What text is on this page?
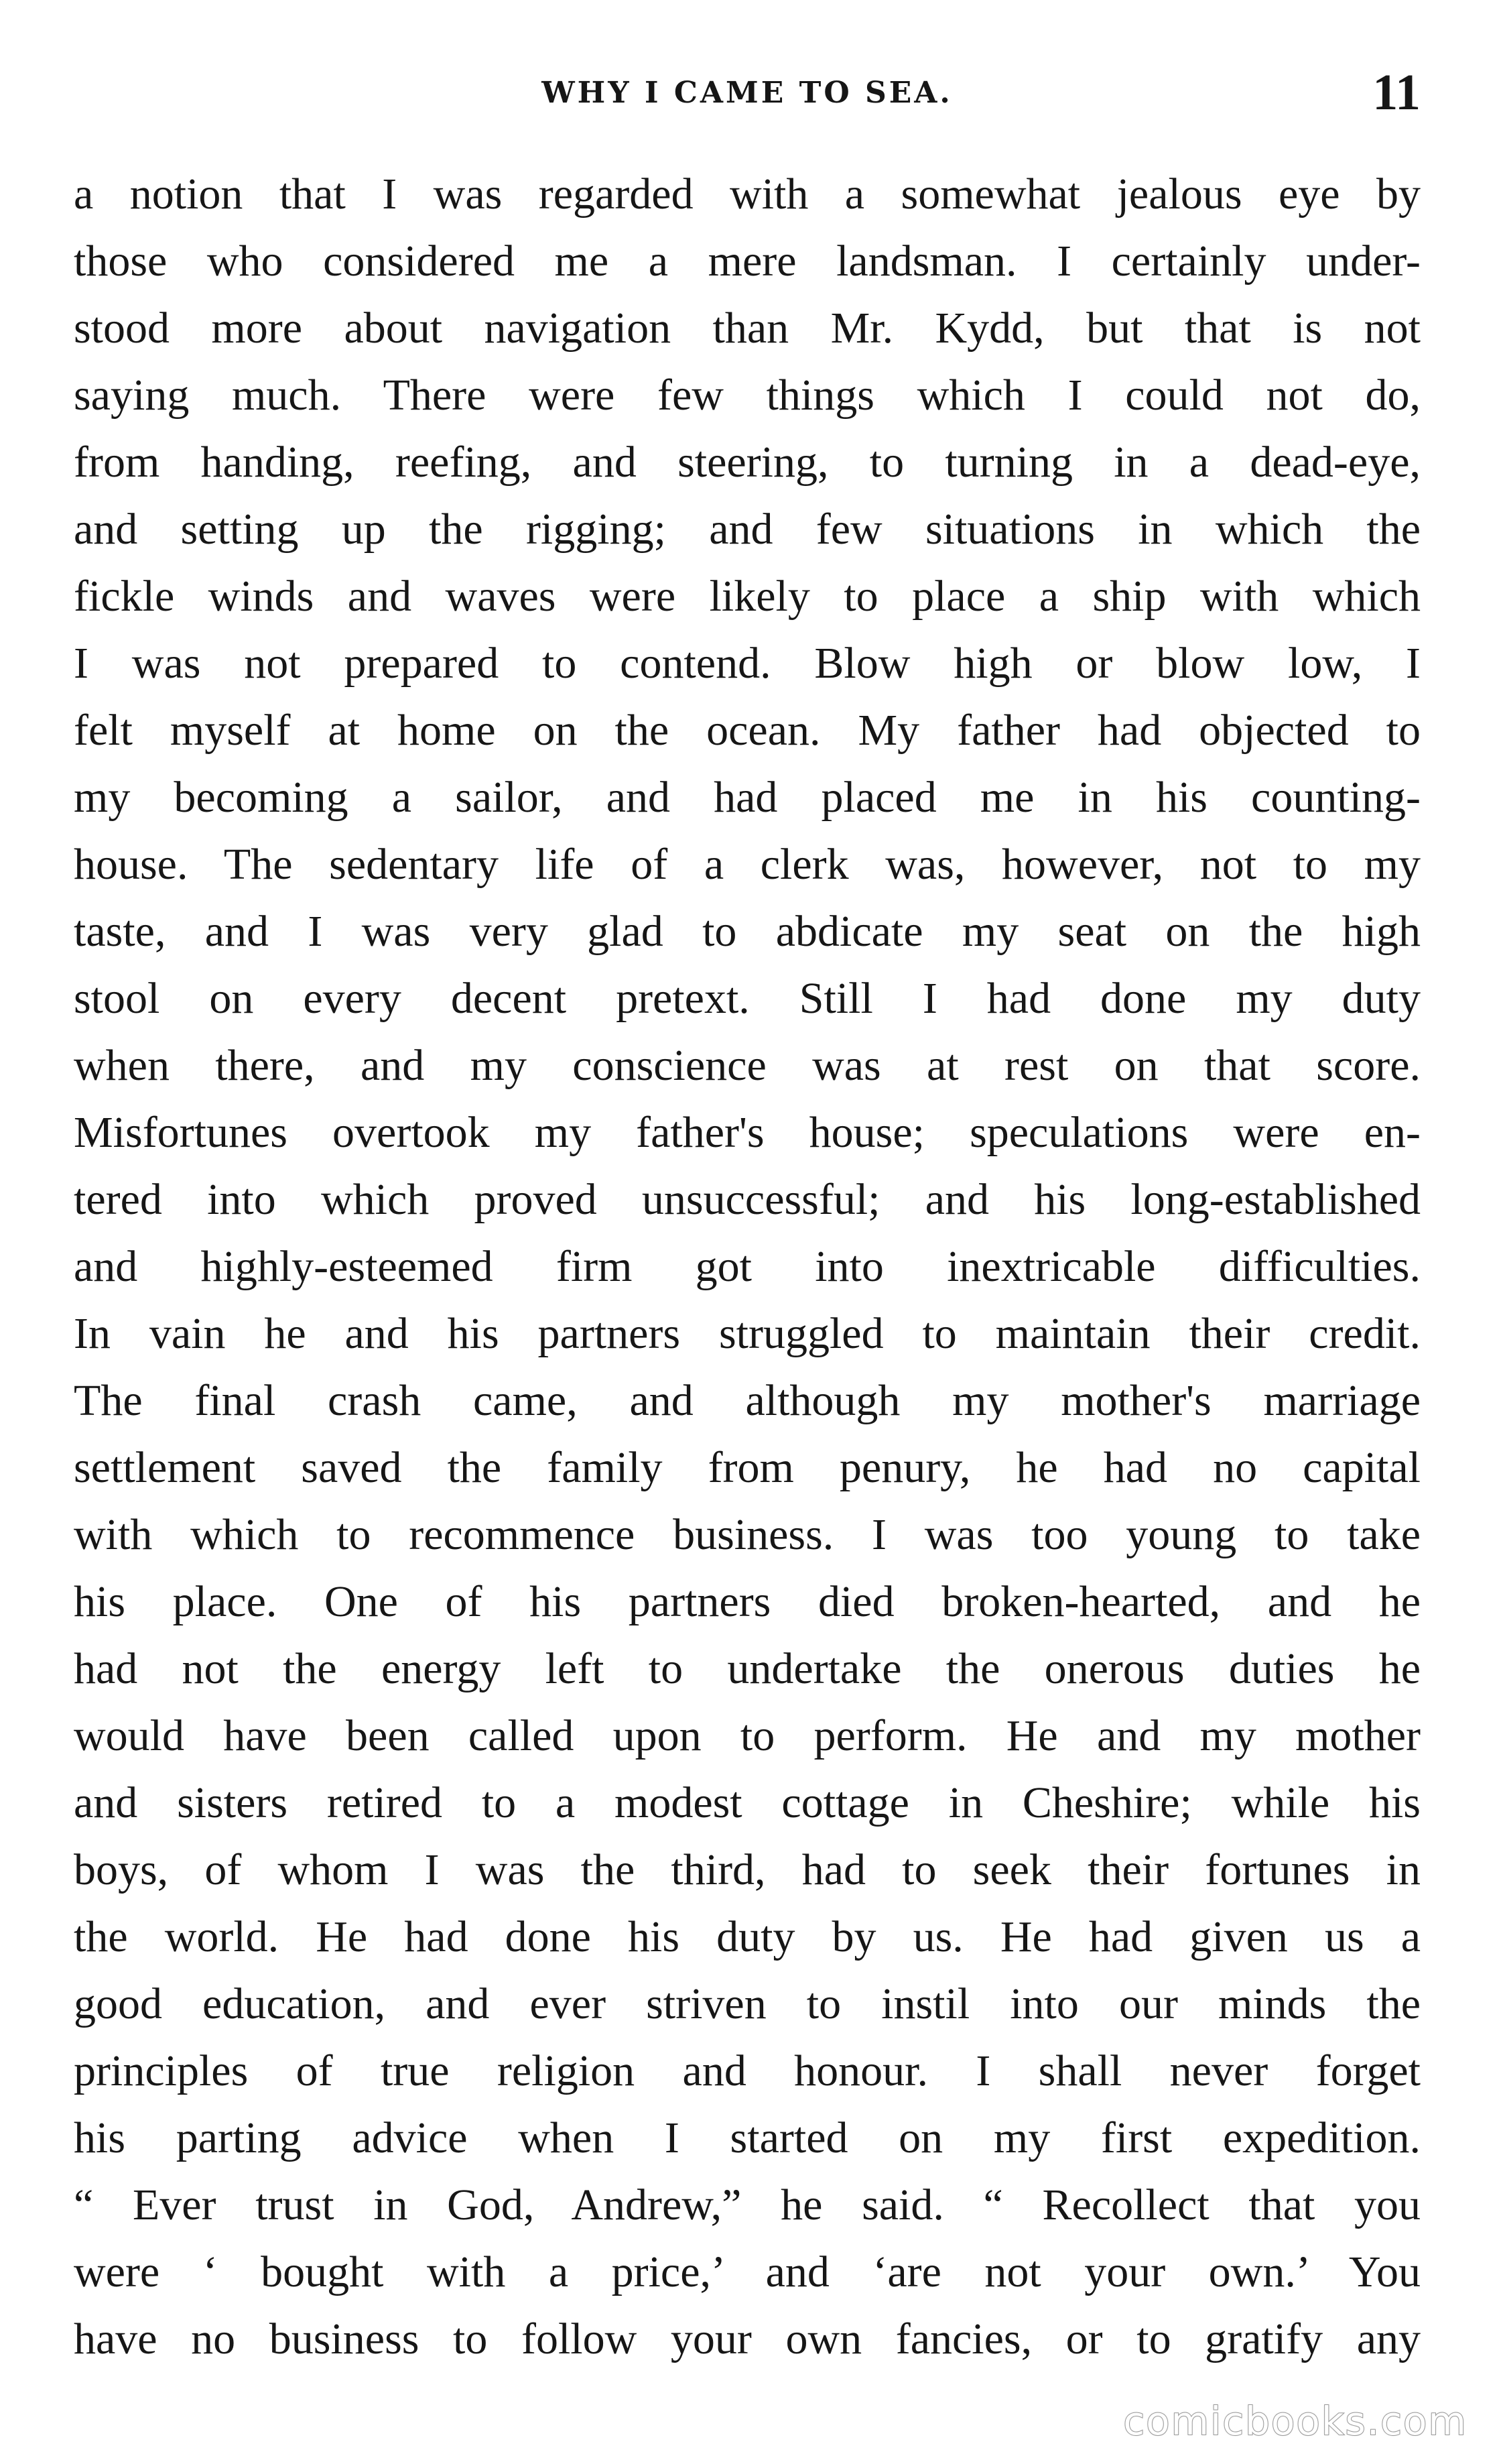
WHY I CAME TO SEA.	11
a notion that I was regarded with a somewhat jealous eye by
those who considered me a mere landsman. I certainly under-
stood more about navigation than Mr. Kydd, but that is not
saying much. There were few things which I could not do,
from handing, reefing, and steering, to turning in a dead-eye,
and setting up the rigging; and few situations in which the
fickle winds and waves were likely to place a ship with which
I was not prepared to contend. Blow high or blow low, I
felt myself at home on the ocean. My father had objected to
my becoming a sailor, and had placed me in his counting-
house. The sedentary life of a clerk was, however, not to my
taste, and I was very glad to abdicate my seat on the high
stool on every decent pretext. Still I had done my duty
when there, and my conscience was at rest on that score.
Misfortunes overtook my father's house; speculations were en-
tered into which proved unsuccessful; and his long-established
and highly-esteemed firm got into inextricable difficulties.
In vain he and his partners struggled to maintain their credit.
The final crash came, and although my mother's marriage
settlement saved the family from penury, he had no capital
with which to recommence business. I was too young to take
his place. One of his partners died broken-hearted, and he
had not the energy left to undertake the onerous duties he
would have been called upon to perform. He and my mother
and sisters retired to a modest cottage in Cheshire; while his
boys, of whom I was the third, had to seek their fortunes in
the world. He had done his duty by us. He had given us a
good education, and ever striven to instil into our minds the
principles of true religion and honour. I shall never forget
his parting advice when I started on my first expedition.
“ Ever trust in God, Andrew,” he said. “ Recollect that you
were ‘ bought with a price,’ and ‘are not your own.’ You
have no business to follow your own fancies, or to gratify any
comicbooks.com
